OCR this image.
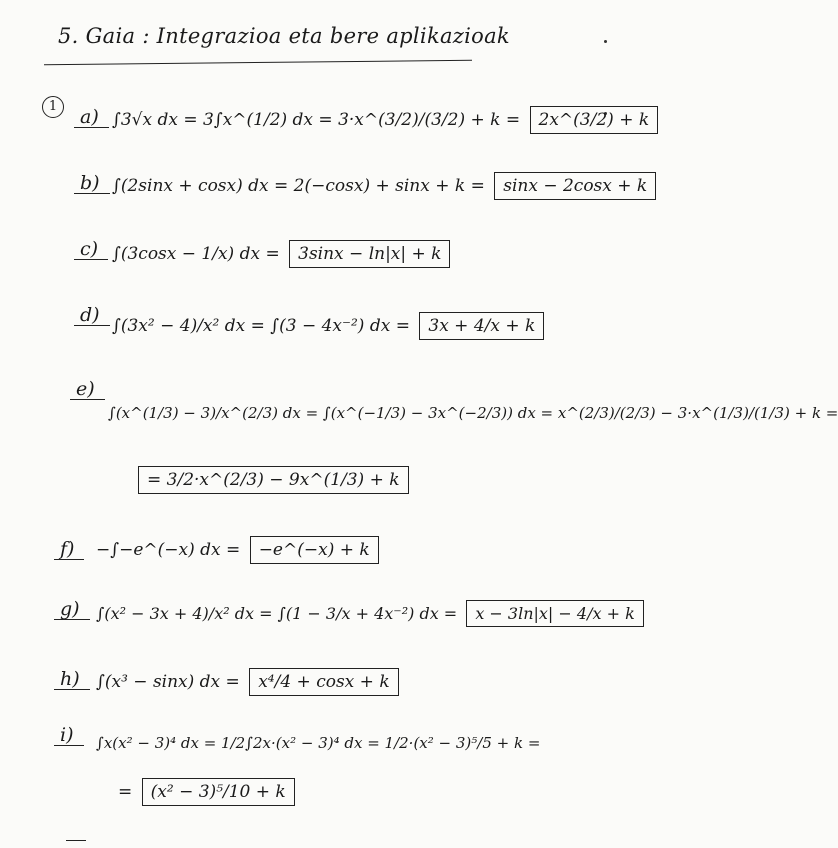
5. Gaia : Integrazioa eta bere aplikazioak
1	a) ∫3√x dx = 3∫x^(1/2) dx = 3·x^(3/2)/(3/2) + k = 2x^(3/2) + k
b) ∫(2sinx + cosx) dx = 2(−cosx) + sinx + k = sinx − 2cosx + k
c) ∫(3cosx − 1/x) dx = 3sinx − ln|x| + k
d) ∫(3x² − 4)/x² dx = ∫(3 − 4x⁻²) dx = 3x + 4/x + k
e)
∫(x^(1/3) − 3)/x^(2/3) dx = ∫(x^(−1/3) − 3x^(−2/3)) dx = x^(2/3)/(2/3) − 3·x^(1/3)/(1/3) + k =
= 3/2·x^(2/3) − 9x^(1/3) + k
f) −∫−e^(−x) dx = −e^(−x) + k
g) ∫(x² − 3x + 4)/x² dx = ∫(1 − 3/x + 4x⁻²) dx = x − 3ln|x| − 4/x + k
h) ∫(x³ − sinx) dx = x⁴/4 + cosx + k
i) ∫x(x² − 3)⁴ dx = 1/2∫2x·(x² − 3)⁴ dx = 1/2·(x² − 3)⁵/5 + k =
= (x² − 3)⁵/10 + k
